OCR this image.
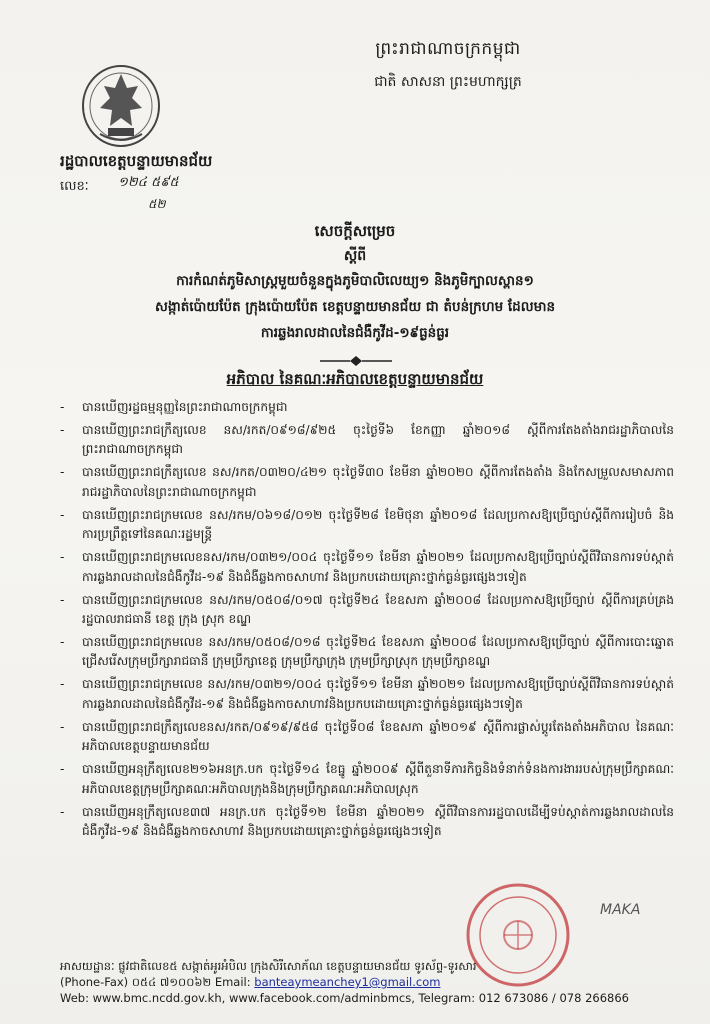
ព្រះរាជាណាចក្រកម្ពុជា
ជាតិ សាសនា ព្រះមហាក្សត្រ
រដ្ឋបាលខេត្តបន្ទាយមានជ័យ
លេខៈ ១២៤ ៥៩៥
៥២
សេចក្ដីសម្រេច
ស្ដីពី
ការកំណត់ភូមិសាស្ត្រមួយចំនួនក្នុងភូមិបាលិលេយ្យ១ និងភូមិក្បាលស្ពាន១
សង្កាត់ប៉ោយប៉ែត ក្រុងប៉ោយប៉ែត ខេត្តបន្ទាយមានជ័យ ជា តំបន់ក្រហម ដែលមាន
ការឆ្លងរាលដាលនៃជំងឺកូវីដ-១៩ធ្ងន់ធ្ងរ
អភិបាល នៃគណៈអភិបាលខេត្តបន្ទាយមានជ័យ
- បានឃើញរដ្ឋធម្មនុញ្ញនៃព្រះរាជាណាចក្រកម្ពុជា
- បានឃើញព្រះរាជក្រឹត្យលេខ នស/រកត/០៩១៨/៩២៥ ចុះថ្ងៃទី៦ ខែកញ្ញា ឆ្នាំ២០១៨ ស្ដីពីការតែងតាំងរាជរដ្ឋាភិបាលនៃព្រះរាជាណាចក្រកម្ពុជា
- បានឃើញព្រះរាជក្រឹត្យលេខ នស/រកត/០៣២០/៤២១ ចុះថ្ងៃទី៣០ ខែមីនា ឆ្នាំ២០២០ ស្ដីពីការតែងតាំង និងកែសម្រួលសមាសភាពរាជរដ្ឋាភិបាលនៃព្រះរាជាណាចក្រកម្ពុជា
- បានឃើញព្រះរាជក្រមលេខ នស/រកម/០៦១៨/០១២ ចុះថ្ងៃទី២៨ ខែមិថុនា ឆ្នាំ២០១៨ ដែលប្រកាសឱ្យប្រើច្បាប់ស្ដីពីការរៀបចំ និងការប្រព្រឹត្តទៅនៃគណៈរដ្ឋមន្ត្រី
- បានឃើញព្រះរាជក្រមលេខនស/រកម/០៣២១/០០៤ ចុះថ្ងៃទី១១ ខែមីនា ឆ្នាំ២០២១ ដែលប្រកាសឱ្យប្រើច្បាប់ស្ដីពីវិធានការទប់ស្កាត់ការឆ្លងរាលដាលនៃជំងឺកូវីដ-១៩ និងជំងឺឆ្លងកាចសាហាវ និងប្រកបដោយគ្រោះថ្នាក់ធ្ងន់ធ្ងរផ្សេងៗទៀត
- បានឃើញព្រះរាជក្រមលេខ នស/រកម/០៥០៨/០១៧ ចុះថ្ងៃទី២៤ ខែឧសភា ឆ្នាំ២០០៨ ដែលប្រកាសឱ្យប្រើច្បាប់ ស្ដីពីការគ្រប់គ្រងរដ្ឋបាលរាជធានី ខេត្ត ក្រុង ស្រុក ខណ្ឌ
- បានឃើញព្រះរាជក្រមលេខ នស/រកម/០៥០៨/០១៨ ចុះថ្ងៃទី២៤ ខែឧសភា ឆ្នាំ២០០៨ ដែលប្រកាសឱ្យប្រើច្បាប់ ស្ដីពីការបោះឆ្នោតជ្រើសរើសក្រុមប្រឹក្សារាជធានី ក្រុមប្រឹក្សាខេត្ត ក្រុមប្រឹក្សាក្រុង ក្រុមប្រឹក្សាស្រុក ក្រុមប្រឹក្សាខណ្ឌ
- បានឃើញព្រះរាជក្រមលេខ នស/រកម/០៣២១/០០៤ ចុះថ្ងៃទី១១ ខែមីនា ឆ្នាំ២០២១ ដែលប្រកាសឱ្យប្រើច្បាប់ស្ដីពីវិធានការទប់ស្កាត់ការឆ្លងរាលដាលនៃជំងឺកូវីដ-១៩ និងជំងឺឆ្លងកាចសាហាវនិងប្រកបដោយគ្រោះថ្នាក់ធ្ងន់ធ្ងរផ្សេងៗទៀត
- បានឃើញព្រះរាជក្រឹត្យលេខនស/រកត/០៩១៩/៩៥៨ ចុះថ្ងៃទី០៨ ខែឧសភា ឆ្នាំ២០១៩ ស្ដីពីការផ្លាស់ប្ដូរតែងតាំងអភិបាល នៃគណៈអភិបាលខេត្តបន្ទាយមានជ័យ
- បានឃើញអនុក្រឹត្យលេខ២១៦អនក្រ.បក ចុះថ្ងៃទី១៤ ខែធ្នូ ឆ្នាំ២០០៩ ស្ដីពីតួនាទីភារកិច្ចនិងទំនាក់ទំនងការងាររបស់ក្រុមប្រឹក្សាគណៈអភិបាលខេត្តក្រុមប្រឹក្សាគណៈអភិបាលក្រុងនិងក្រុមប្រឹក្សាគណៈអភិបាលស្រុក
- បានឃើញអនុក្រឹត្យលេខ៣៧ អនក្រ.បក ចុះថ្ងៃទី១២ ខែមីនា ឆ្នាំ២០២១ ស្ដីពីវិធានការរដ្ឋបាលដើម្បីទប់ស្កាត់ការឆ្លងរាលដាលនៃជំងឺកូវីដ-១៩ និងជំងឺឆ្លងកាចសាហាវ និងប្រកបដោយគ្រោះថ្នាក់ធ្ងន់ធ្ងរផ្សេងៗទៀត
MAKA
អាសយដ្ឋានៈ ផ្លូវជាតិលេខ៥ សង្កាត់អូរអំបិល ក្រុងសិរីសោភ័ណ ខេត្តបន្ទាយមានជ័យ ទូរស័ព្ទ-ទូរសារ
(Phone-Fax) ០៥៤ ៧១០០៦២ Email: banteaymeanchey1@gmail.com
Web: www.bmc.ncdd.gov.kh, www.facebook.com/adminbmcs, Telegram: 012 673086 / 078 266866
